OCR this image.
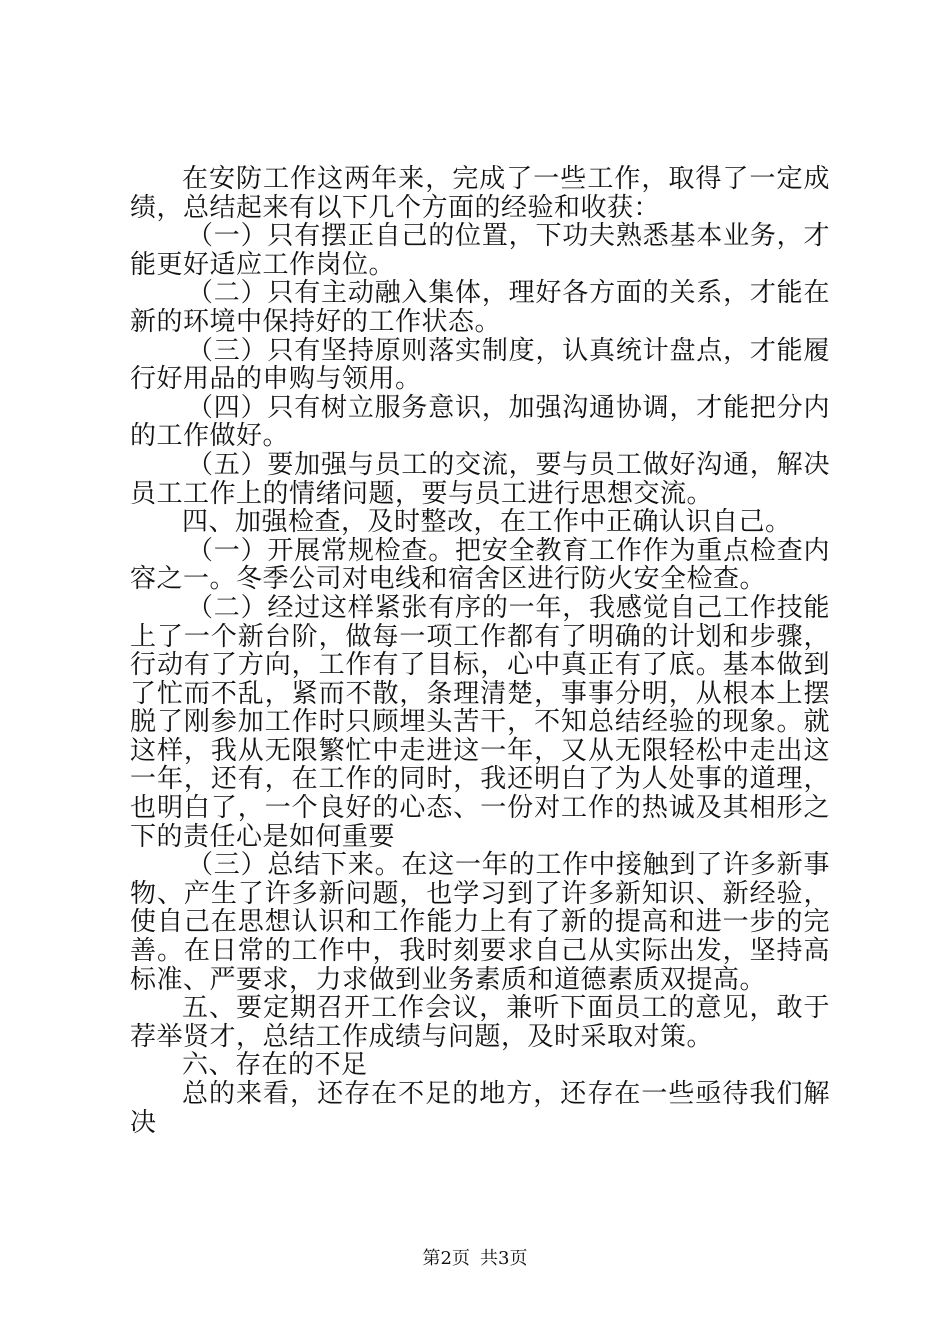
在安防工作这两年来，完成了一些工作，取得了一定成绩，总结起来有以下几个方面的经验和收获：

（一）只有摆正自己的位置，下功夫熟悉基本业务，才能更好适应工作岗位。

（二）只有主动融入集体，理好各方面的关系，才能在新的环境中保持好的工作状态。

（三）只有坚持原则落实制度，认真统计盘点，才能履行好用品的申购与领用。

（四）只有树立服务意识，加强沟通协调，才能把分内的工作做好。

（五）要加强与员工的交流，要与员工做好沟通，解决员工工作上的情绪问题，要与员工进行思想交流。

四、加强检查，及时整改，在工作中正确认识自己。

（一）开展常规检查。把安全教育工作作为重点检查内容之一。冬季公司对电线和宿舍区进行防火安全检查。

（二）经过这样紧张有序的一年，我感觉自己工作技能上了一个新台阶，做每一项工作都有了明确的计划和步骤，行动有了方向，工作有了目标，心中真正有了底。基本做到了忙而不乱，紧而不散，条理清楚，事事分明，从根本上摆脱了刚参加工作时只顾埋头苦干，不知总结经验的现象。就这样，我从无限繁忙中走进这一年，又从无限轻松中走出这一年，还有，在工作的同时，我还明白了为人处事的道理，也明白了，一个良好的心态、一份对工作的热诚及其相形之下的责任心是如何重要

（三）总结下来。在这一年的工作中接触到了许多新事物、产生了许多新问题，也学习到了许多新知识、新经验，使自己在思想认识和工作能力上有了新的提高和进一步的完善。在日常的工作中，我时刻要求自己从实际出发，坚持高标准、严要求，力求做到业务素质和道德素质双提高。

五、要定期召开工作会议，兼听下面员工的意见，敢于荐举贤才，总结工作成绩与问题，及时采取对策。

六、存在的不足

总的来看，还存在不足的地方，还存在一些亟待我们解决

第2页 共3页
